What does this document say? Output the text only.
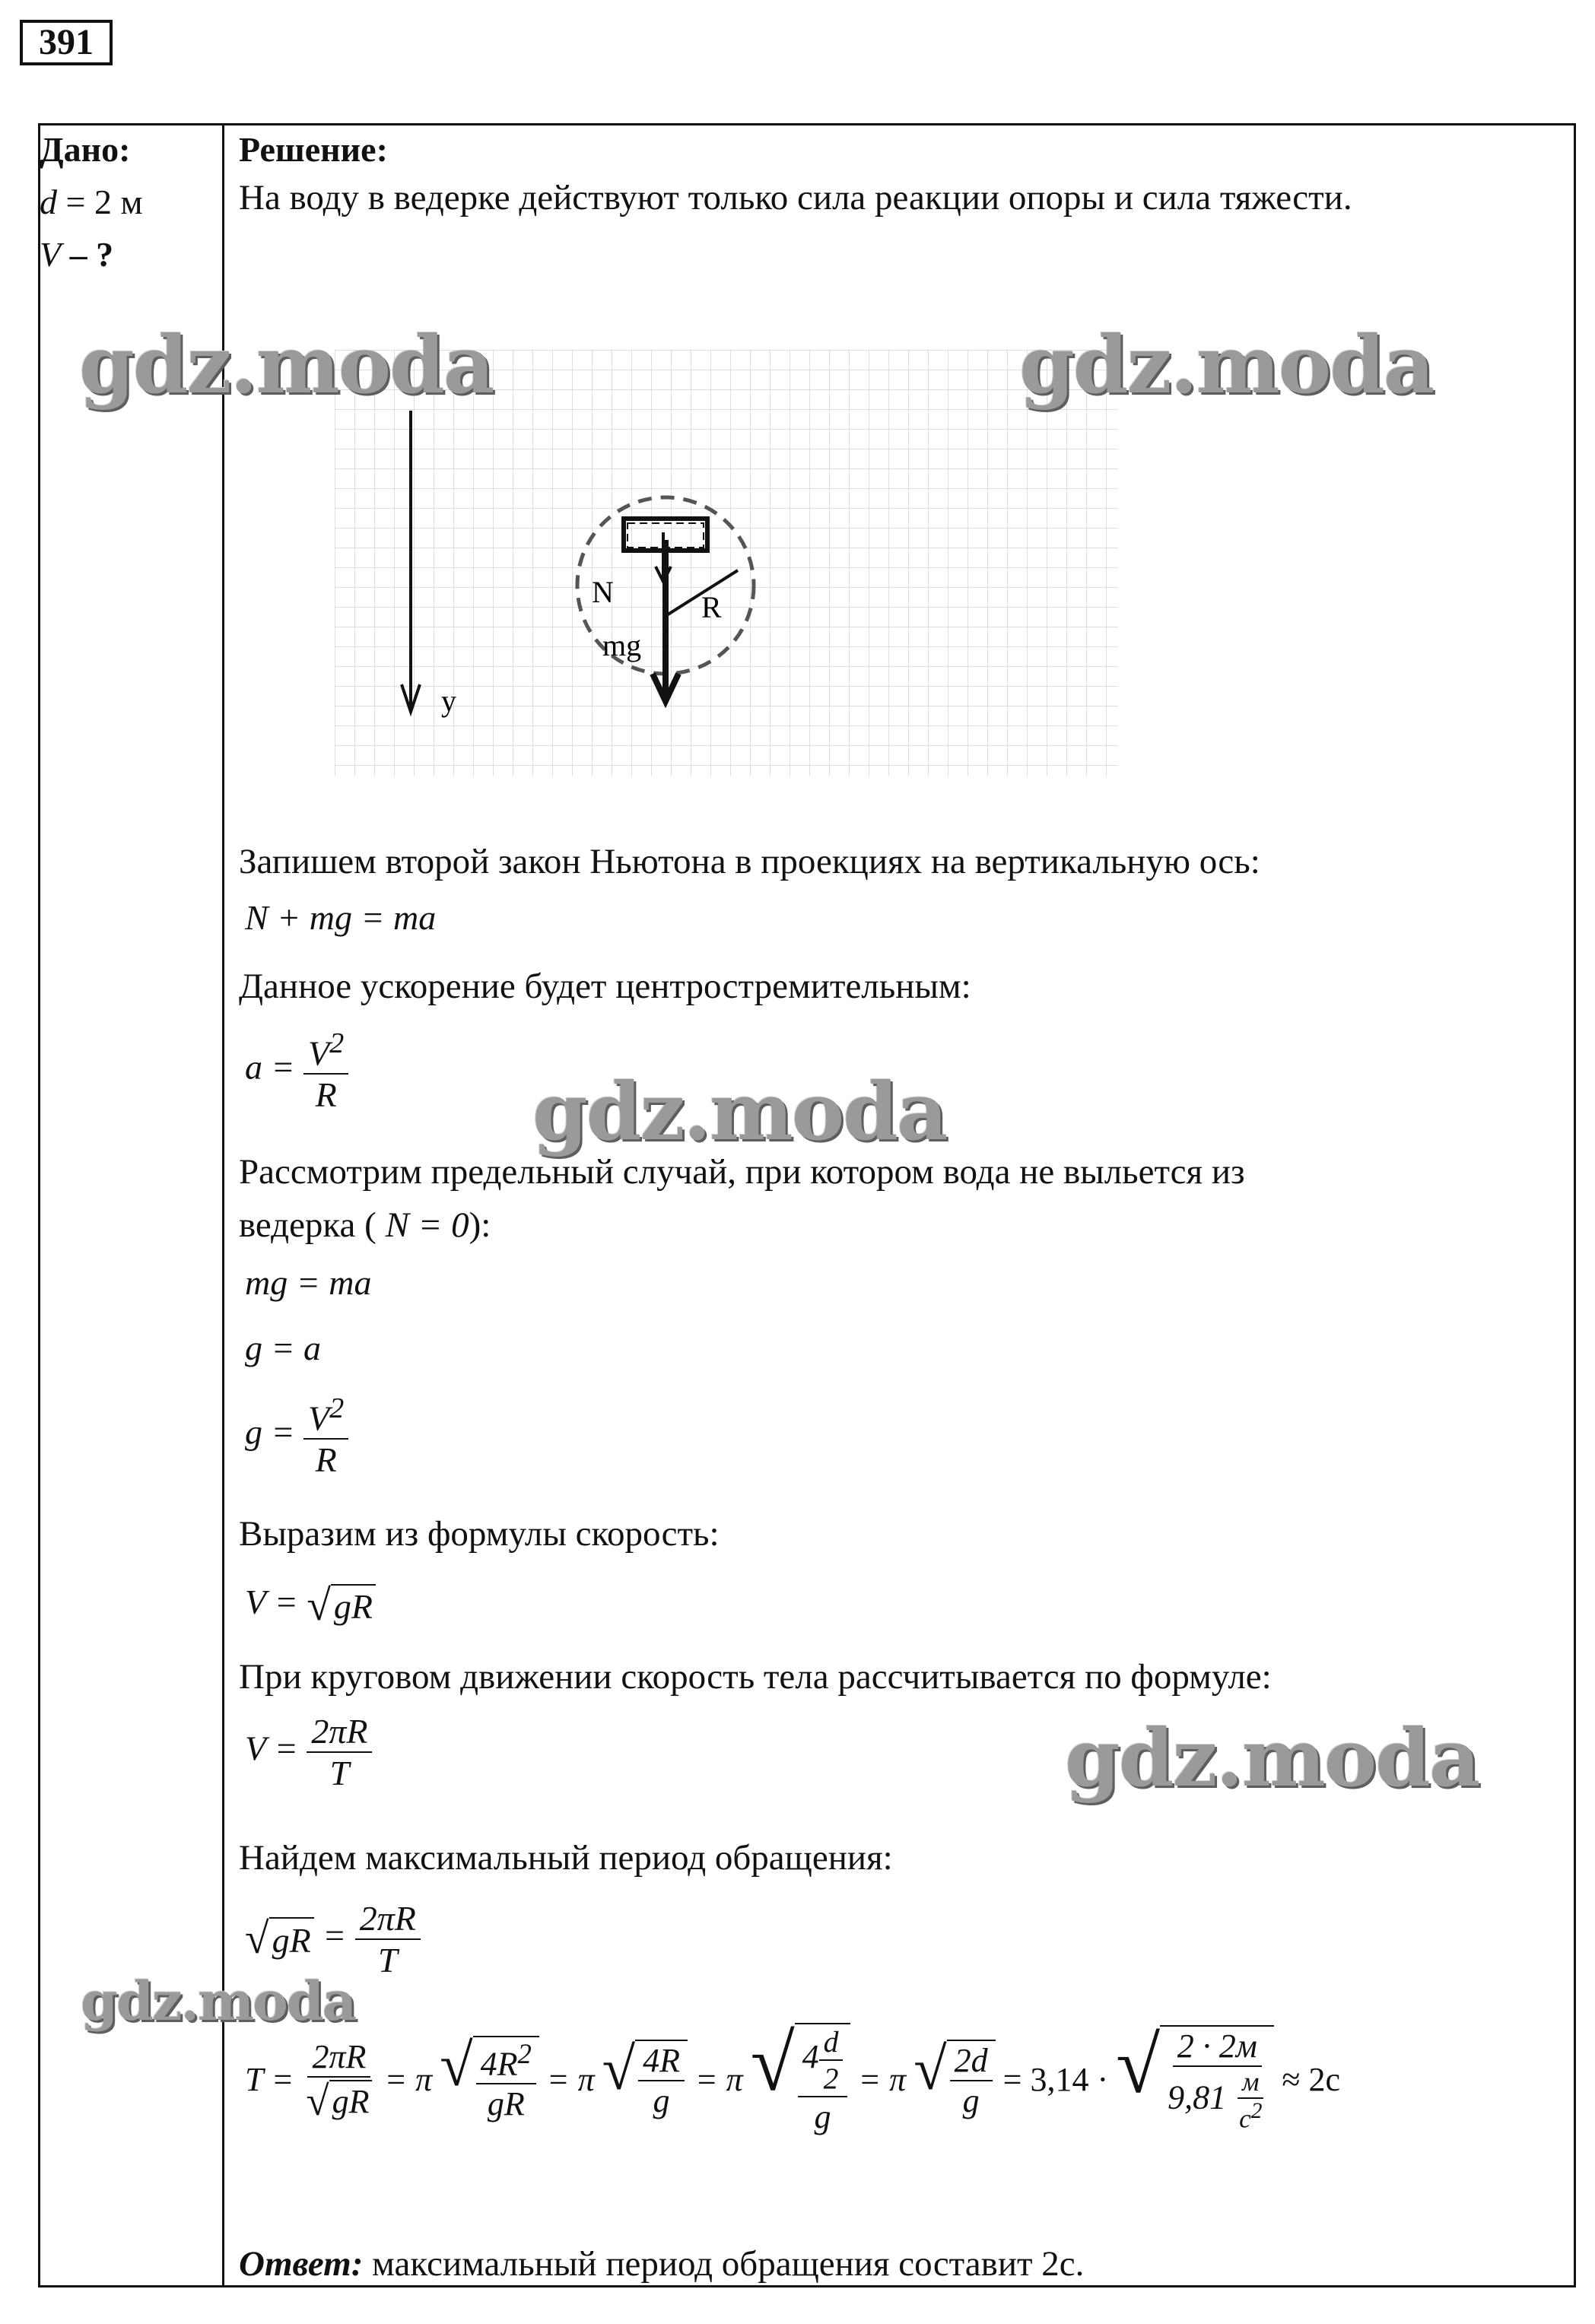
391
Дано:
d = 2 м
V – ?
Решение:

На воду в ведерке действуют только сила реакции опоры и сила тяжести.

y
N
mg
R

Запишем второй закон Ньютона в проекциях на вертикальную ось:

N + mg = ma

Данное ускорение будет центростремительным:

$a = \frac{V^2}{R}$

Рассмотрим предельный случай, при котором вода не выльется из

ведерка ( N = 0):

mg = ma

g = a

$g = \frac{V^2}{R}$

Выразим из формулы скорость:

V = √ gR

При круговом движении скорость тела рассчитывается по формуле:

$V = \frac{2\pi R}{T}$

Найдем максимальный период обращения:

√ gR = $\frac{2\pi R}{T}$
$T = \frac{2\pi R}{√ gR} = \pi$ √ $\frac{4R^2}{gR} = \pi$ √ $\frac{4R}{g} = \pi$ √ $\frac{4 \frac{d}{2}}{g} = \pi$ √ $\frac{2d}{g} = 3,14$ · √ $\frac{2 \cdot 2м}{9,81 \frac{м}{с^2}} \approx 2с$

Ответ: максимальный период обращения составит 2с.

gdz.moda	gdz.moda
gdz.moda
gdz.moda
gdz.moda
